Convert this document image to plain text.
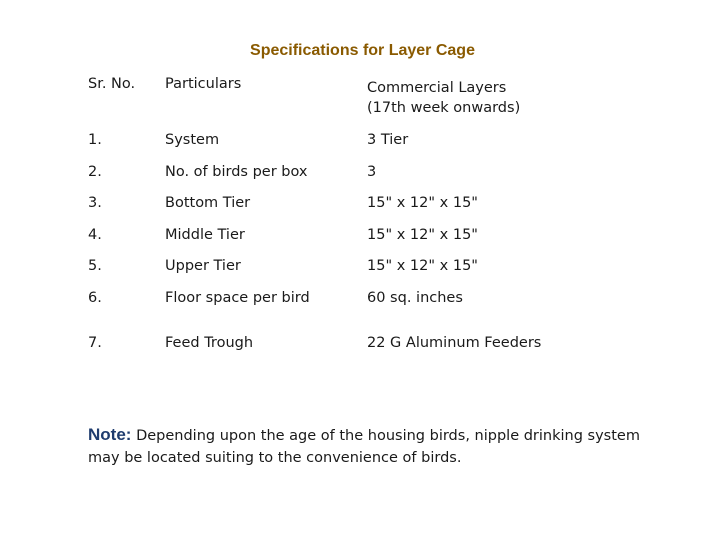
Specifications for Layer Cage
Sr. No.	Particulars	Commercial Layers
(17th week onwards)
1.	System	3 Tier
2.	No. of birds per box	3
3.	Bottom Tier	15" x 12" x 15"
4.	Middle Tier	15" x 12" x 15"
5.	Upper Tier	15" x 12" x 15"
6.	Floor space per bird	60 sq. inches
7.	Feed Trough	22 G Aluminum Feeders
Note: Depending upon the age of the housing birds, nipple drinking system may be located suiting to the convenience of birds.
